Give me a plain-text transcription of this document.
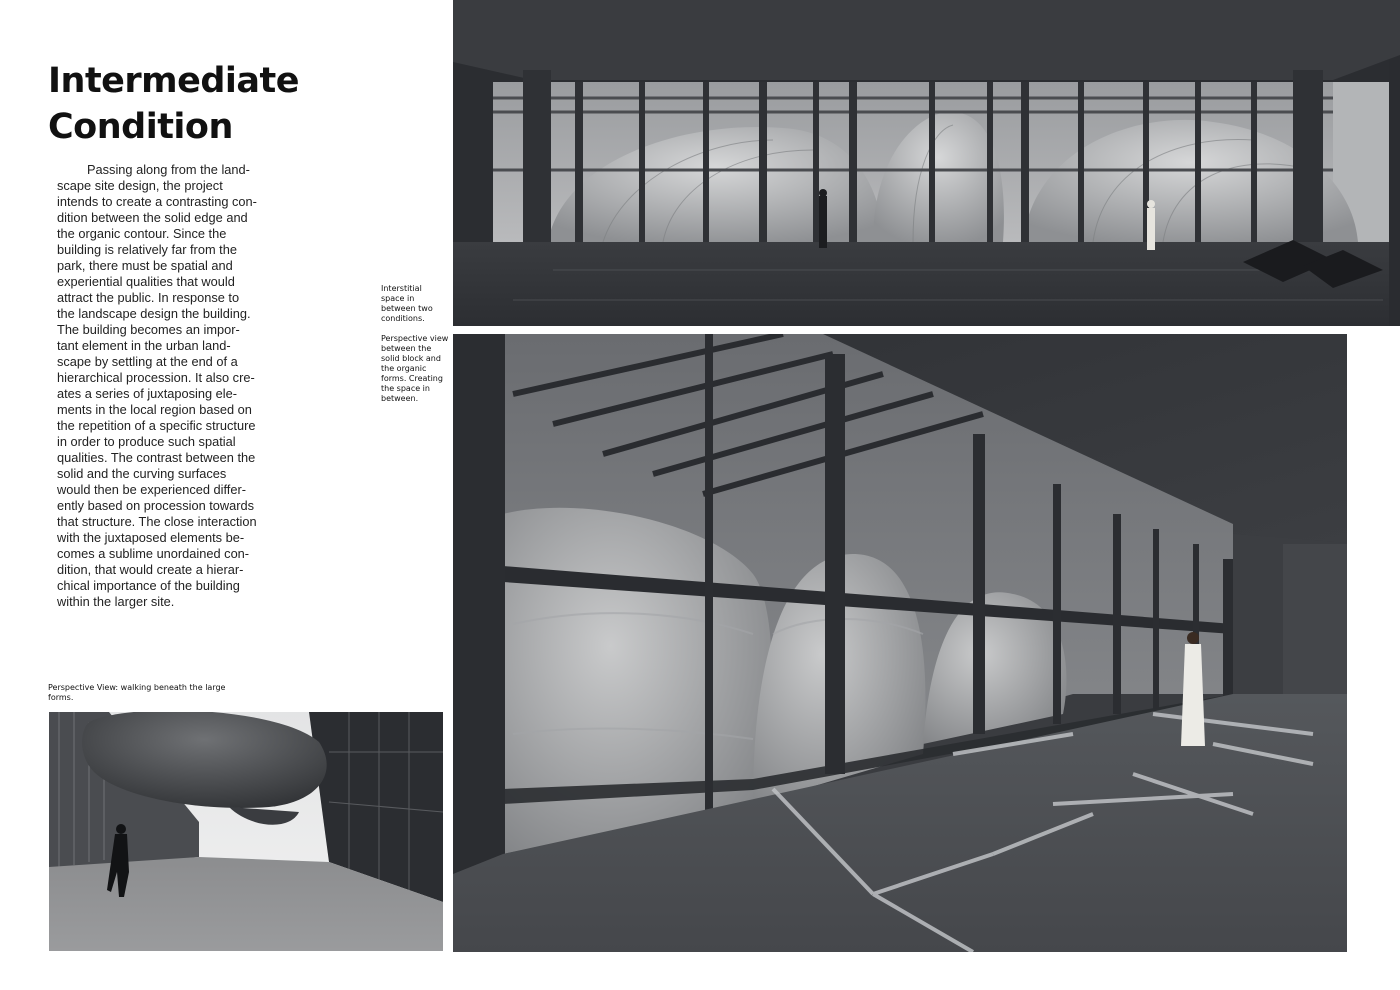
Intermediate
Condition
Passing along from the land-
scape site design, the project
intends to create a contrasting con-
dition between the solid edge and
the organic contour. Since the
building is relatively far from the
park, there must be spatial and
experiential qualities that would
attract the public. In response to
the landscape design the building.
The building becomes an impor-
tant element in the urban land-
scape by settling at the end of a
hierarchical procession. It also cre-
ates a series of juxtaposing ele-
ments in the local region based on
the repetition of a specific structure
in order to produce such spatial
qualities. The contrast between the
solid and the curving surfaces
would then be experienced differ-
ently based on procession towards
that structure. The close interaction
with the juxtaposed elements be-
comes a sublime unordained con-
dition, that would create a hierar-
chical importance of the building
within the larger site.
Interstitial
space in
between two
conditions.
Perspective view
between the
solid block and
the organic
forms. Creating
the space in
between.
Perspective View: walking beneath the large
forms.
